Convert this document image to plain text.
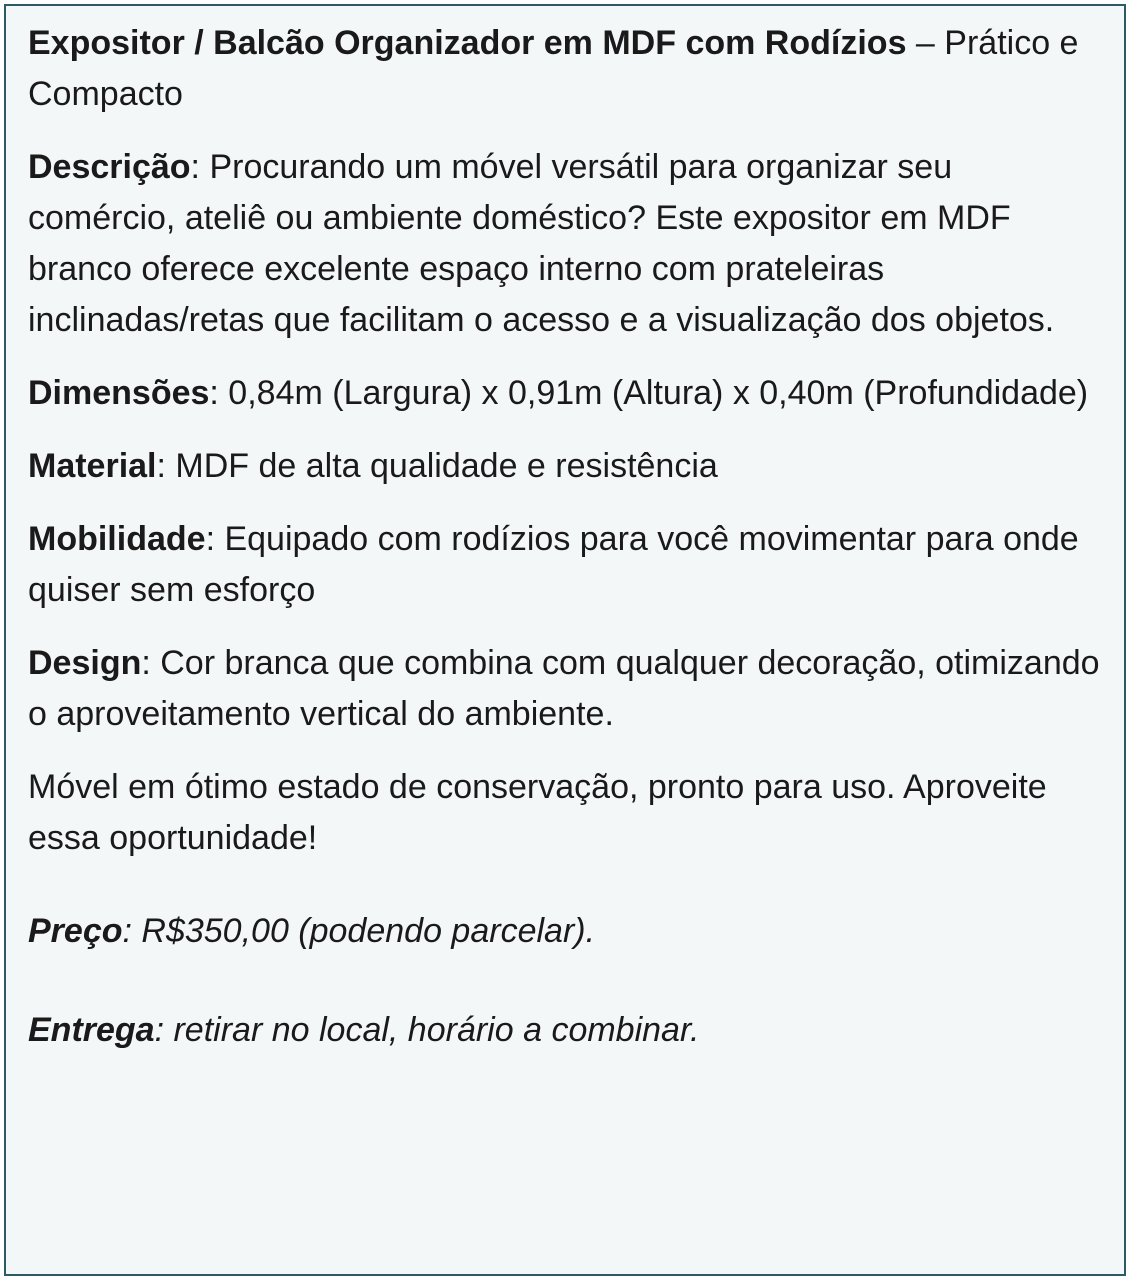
Expositor / Balcão Organizador em MDF com Rodízios – Prático e Compacto

Descrição: Procurando um móvel versátil para organizar seu comércio, ateliê ou ambiente doméstico? Este expositor em MDF branco oferece excelente espaço interno com prateleiras inclinadas/retas que facilitam o acesso e a visualização dos objetos.

Dimensões: 0,84m (Largura) x 0,91m (Altura) x 0,40m (Profundidade)

Material: MDF de alta qualidade e resistência

Mobilidade: Equipado com rodízios para você movimentar para onde quiser sem esforço

Design: Cor branca que combina com qualquer decoração, otimizando o aproveitamento vertical do ambiente.

Móvel em ótimo estado de conservação, pronto para uso. Aproveite essa oportunidade!

Preço: R$350,00 (podendo parcelar).

Entrega: retirar no local, horário a combinar.
